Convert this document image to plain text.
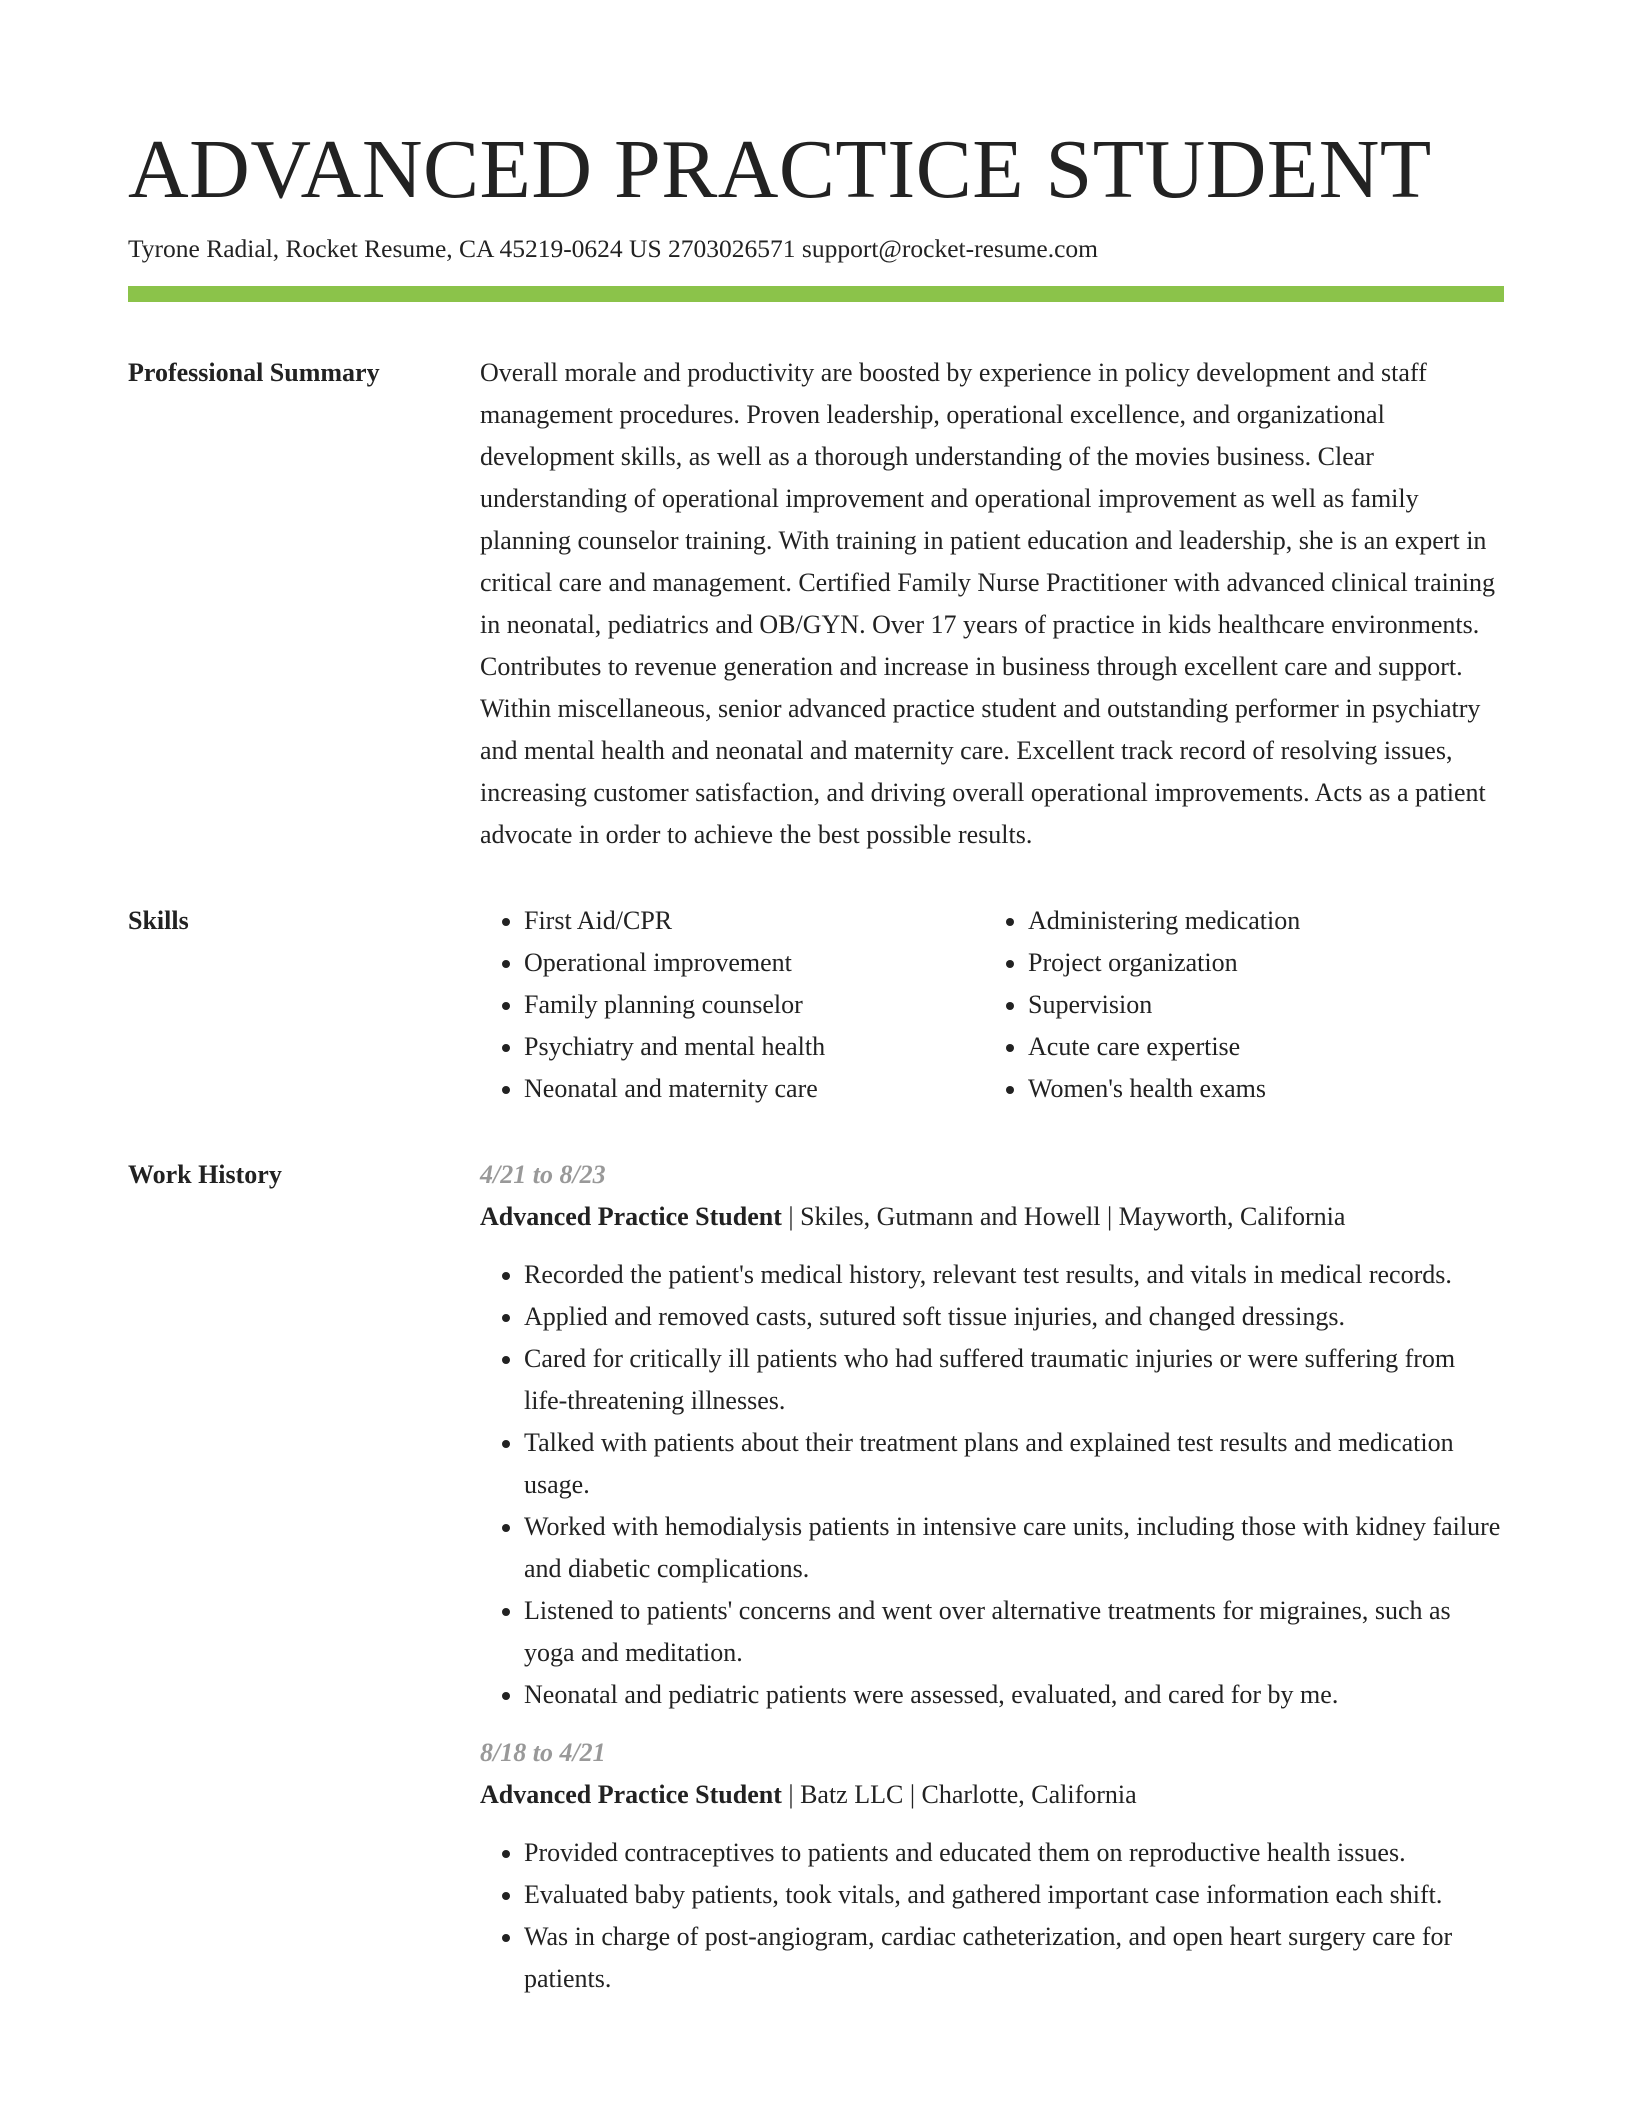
ADVANCED PRACTICE STUDENT
Tyrone Radial, Rocket Resume, CA 45219-0624 US 2703026571 support@rocket-resume.com
Professional Summary	Overall morale and productivity are boosted by experience in policy development and staff management procedures. Proven leadership, operational excellence, and organizational development skills, as well as a thorough understanding of the movies business. Clear understanding of operational improvement and operational improvement as well as family planning counselor training. With training in patient education and leadership, she is an expert in critical care and management. Certified Family Nurse Practitioner with advanced clinical training in neonatal, pediatrics and OB/GYN. Over 17 years of practice in kids healthcare environments. Contributes to revenue generation and increase in business through excellent care and support. Within miscellaneous, senior advanced practice student and outstanding performer in psychiatry and mental health and neonatal and maternity care. Excellent track record of resolving issues, increasing customer satisfaction, and driving overall operational improvements. Acts as a patient advocate in order to achieve the best possible results.

Skills
•	First Aid/CPR
• Operational improvement
• Family planning counselor
• Psychiatry and mental health
• Neonatal and maternity care
• Administering medication
• Project organization
• Supervision
• Acute care expertise
• Women's health exams
Work History	4/21 to 8/23
Advanced Practice Student | Skiles, Gutmann and Howell | Mayworth, California
• Recorded the patient's medical history, relevant test results, and vitals in medical records.
• Applied and removed casts, sutured soft tissue injuries, and changed dressings.
• Cared for critically ill patients who had suffered traumatic injuries or were suffering from life-threatening illnesses.
• Talked with patients about their treatment plans and explained test results and medication usage.
• Worked with hemodialysis patients in intensive care units, including those with kidney failure and diabetic complications.
• Listened to patients' concerns and went over alternative treatments for migraines, such as yoga and meditation.
• Neonatal and pediatric patients were assessed, evaluated, and cared for by me.
8/18 to 4/21
Advanced Practice Student | Batz LLC | Charlotte, California
• Provided contraceptives to patients and educated them on reproductive health issues.
• Evaluated baby patients, took vitals, and gathered important case information each shift.
• Was in charge of post-angiogram, cardiac catheterization, and open heart surgery care for patients.
